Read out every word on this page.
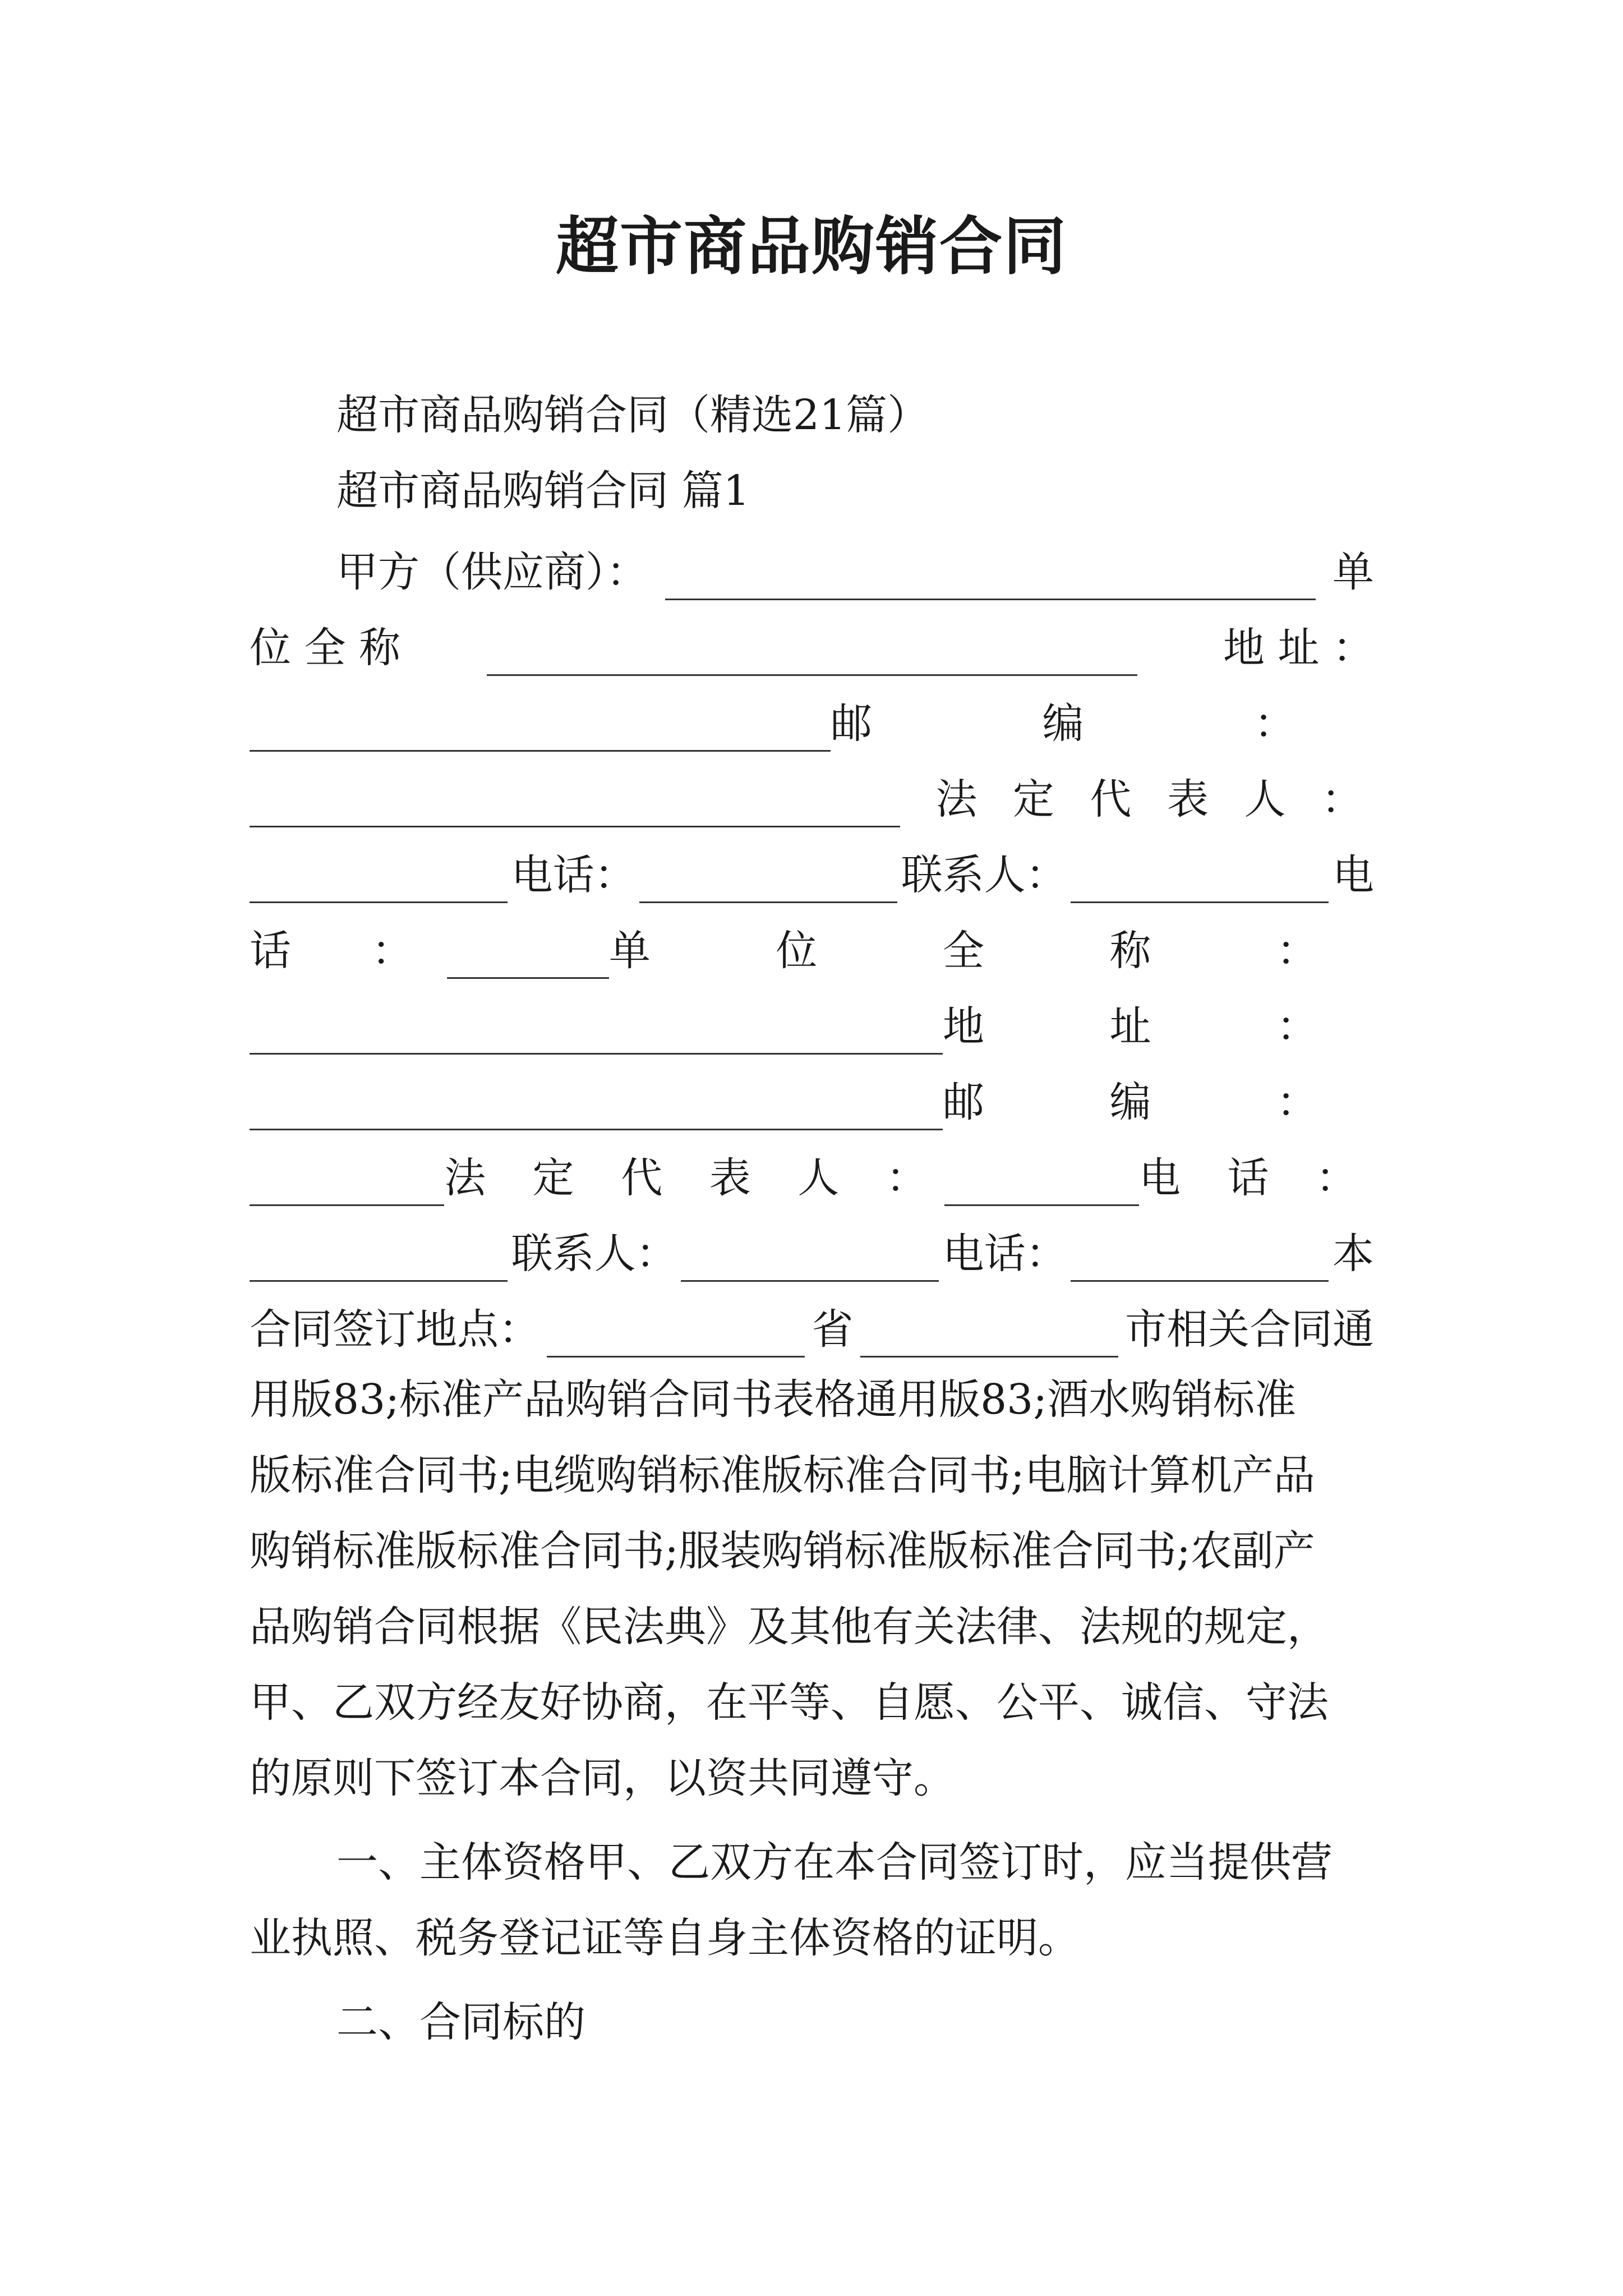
超市商品购销合同
超市商品购销合同（精选21篇）
超市商品购销合同 篇1
甲方（供应商）：	单
位 全 称	地 址 ：
邮 编 ：
法 定 代 表 人 ：
电话：	联系人：	电
话 ：	单 位 全 称 ：
地 址 ：
邮 编 ：
法 定 代 表 人 ：	电 话 ：
联系人：	电话：	本
合同签订地点：	省	市相关合同通
用版83;标准产品购销合同书表格通用版83;酒水购销标准
版标准合同书;电缆购销标准版标准合同书;电脑计算机产品
购销标准版标准合同书;服装购销标准版标准合同书;农副产
品购销合同根据《民法典》及其他有关法律、法规的规定，
甲、乙双方经友好协商，在平等、自愿、公平、诚信、守法
的原则下签订本合同，以资共同遵守。
一、主体资格甲、乙双方在本合同签订时，应当提供营
业执照、税务登记证等自身主体资格的证明。
二、合同标的
